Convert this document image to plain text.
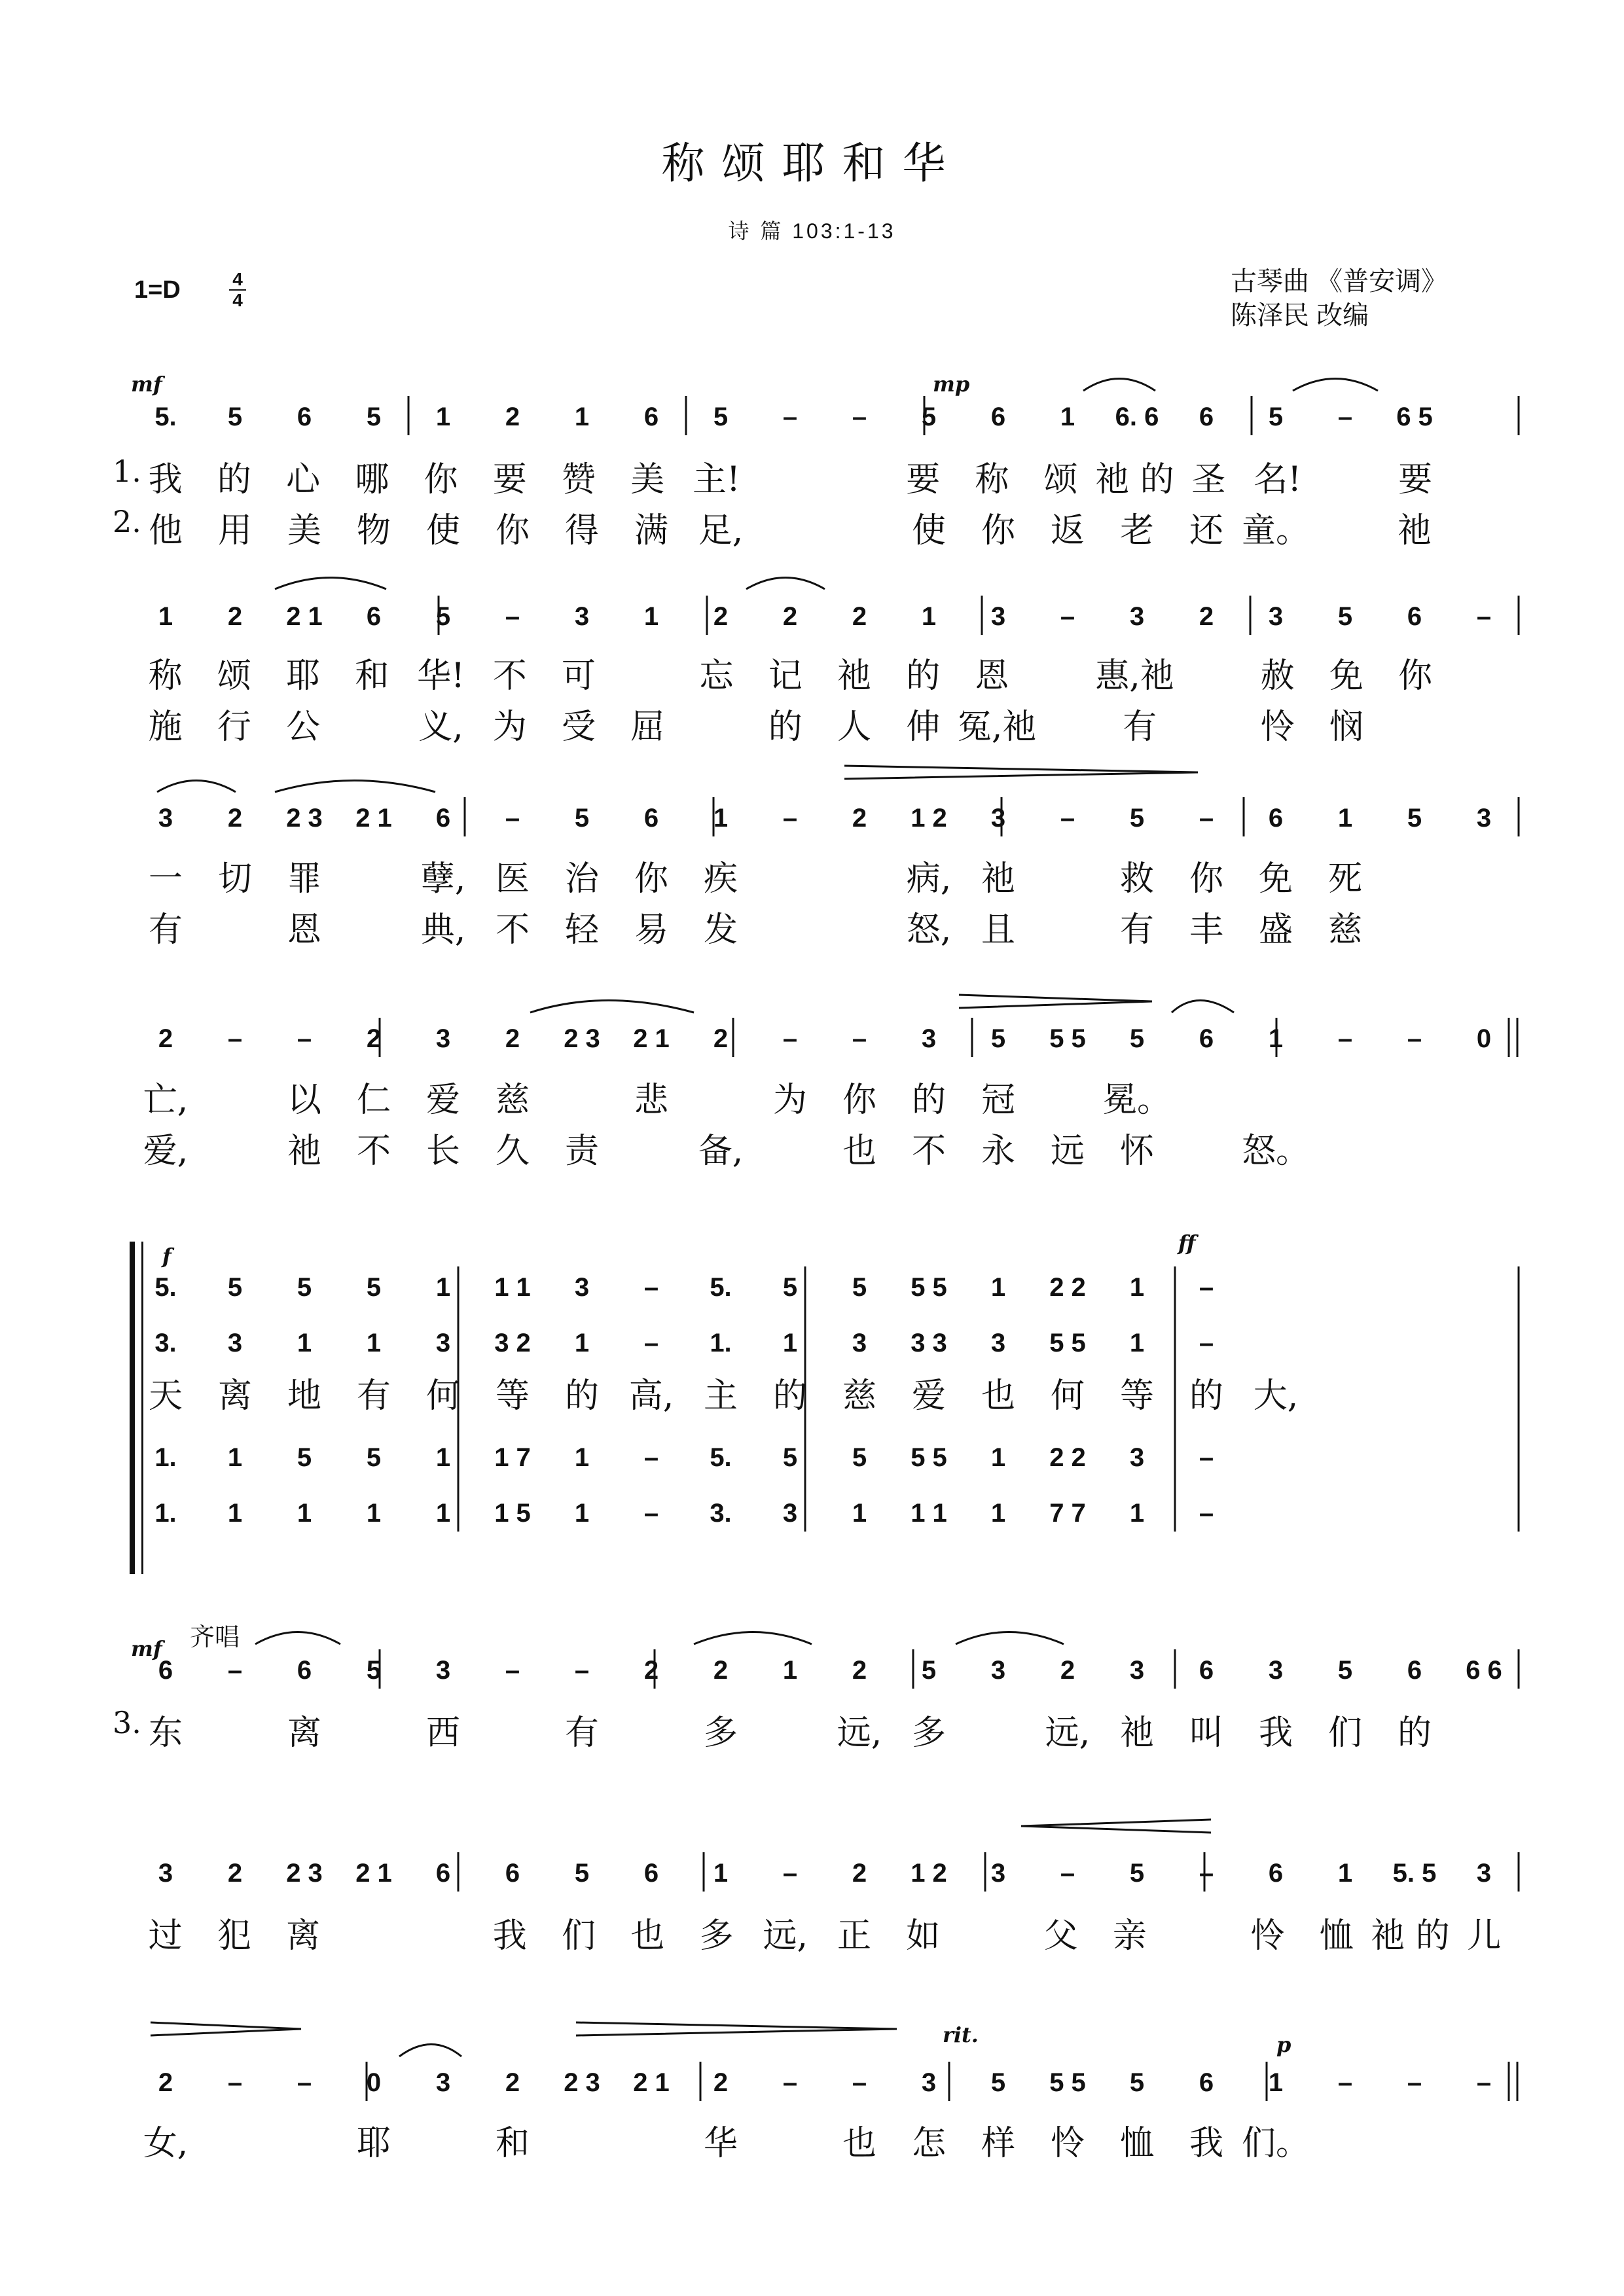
称颂耶和华
诗 篇 103:1-13
1=D	4
4
古琴曲 《普安调》
陈泽民 改编
mf	mp
f
ff
mf
rit.	p
齐唱
1.
2.
3.
5.	5	6	5	1	2	1	6	5	–	–	5	6	1	6. 6	6	5	–	6 5
我	的	心	哪	你	要	赞	美 主!	要	称	颂 祂 的 圣 名!	要
他	用	美	物	使	你	得	满 足,	使	你	返	老	还 童。	祂
1	2	2 1	6	5	–	3	1	2	2	2	1	3	–	3	2	3	5	6	–
称	颂	耶	和 华! 不	可	忘	记	祂	的	恩	惠,祂	赦	免	你
施	行	公	义, 为	受	屈	的	人	伸 冤,祂	有	怜	悯
3	2	2 3	2 1	6	–	5	6	1	–	2	1 2	3	–	5	–	6	1	5	3
一	切	罪	孽, 医	治	你	疾	病, 祂	救	你	免	死
有	恩	典, 不	轻	易	发	怒, 且	有	丰	盛	慈
2	–	–	2	3	2	2 3	2 1	2	–	–	3	5	5 5	5	6	1	–	–	0
亡,	以	仁	爱	慈	悲	为	你	的	冠	冕。
爱,	祂	不	长	久	责	备,	也	不	永	远	怀	怒。
5.	5	5	5	1	1 1	3	–	5.	5	5	5 5	1	2 2	1	–
3.	3	1	1	3	3 2	1	–	1.	1	3	3 3	3	5 5	1	–
天	离	地	有	何	等	的 高, 主	的	慈	爱	也	何	等	的 大,
1.	1	5	5	1	1 7	1	–	5.	5	5	5 5	1	2 2	3	–
1.	1	1	1	1	1 5	1	–	3.	3	1	1 1	1	7 7	1	–
6	–	6	5	3	–	–	2	2	1	2	5	3	2	3	6	3	5	6	6 6
东	离	西	有	多	远, 多	远, 祂	叫	我	们	的
3	2	2 3	2 1	6	6	5	6	1	–	2	1 2	3	–	5	–	6	1	5. 5	3
过	犯	离	我	们	也	多 远, 正	如	父	亲	怜	恤 祂 的 儿
2	–	–	0	3	2	2 3	2 1	2	–	–	3	5	5 5	5	6	1	–	–	–
女,	耶	和	华	也	怎	样	怜	恤	我 们。
